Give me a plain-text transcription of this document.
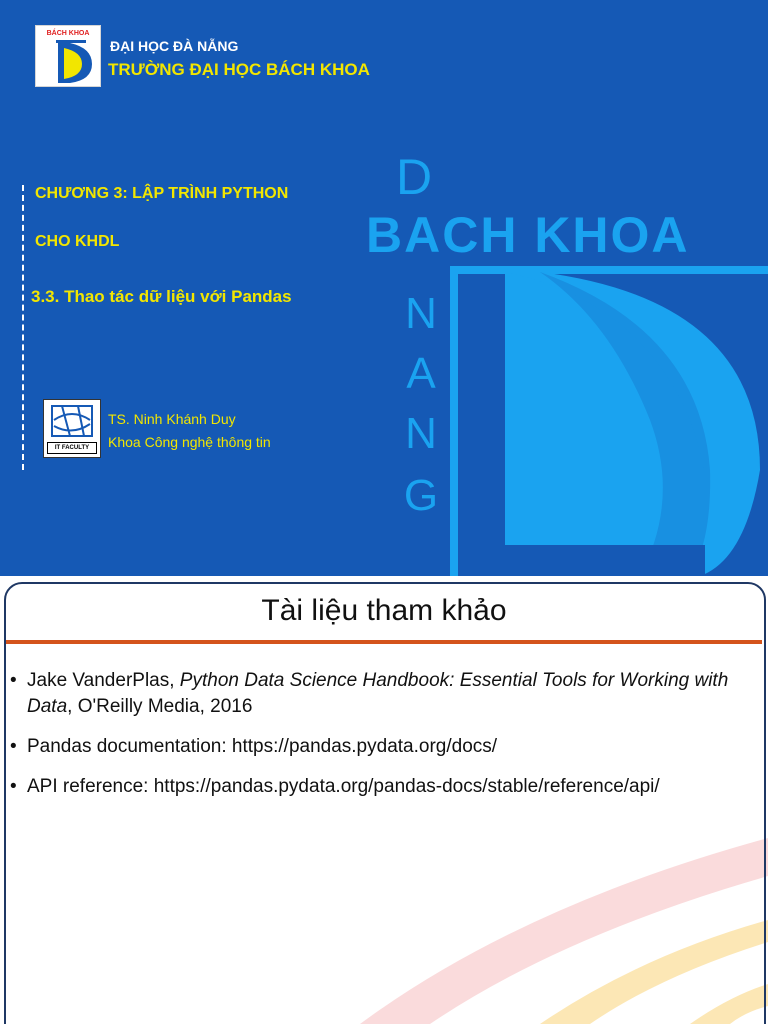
D
BACH KHOA
N
A
N
G
BÁCH KHOA
ĐẠI HỌC ĐÀ NẴNG
TRƯỜNG ĐẠI HỌC BÁCH KHOA
CHƯƠNG 3: LẬP TRÌNH PYTHON
CHO KHDL
3.3. Thao tác dữ liệu với Pandas
IT FACULTY
TS. Ninh Khánh Duy
Khoa Công nghệ thông tin
Tài liệu tham khảo
• Jake VanderPlas, Python Data Science Handbook: Essential Tools for Working with Data, O'Reilly Media, 2016
• Pandas documentation: https://pandas.pydata.org/docs/
• API reference: https://pandas.pydata.org/pandas-docs/stable/reference/api/
